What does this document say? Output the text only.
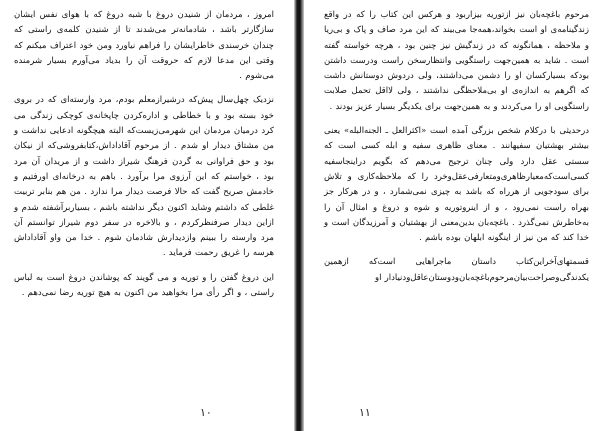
امروز ، مردمان از شنیدن دروغ با شبه دروغ که با هوای نفس ایشان سازگارتر باشد ، شادمانه‌تر می‌شدند تا از شنیدن کلمه‌ی راستی که چندان خرسندی خاطرایشان را فراهم نیاورد ومن خود اعتراف میکنم که وقتی این مدعا لازم که حروقت آن را بدیاد می‌آورم بسیار شرمنده می‌شوم .

نزدیک چهل‌سال پیش‌که درشیرازمعلم بودم، مرد وارسته‌ای که در بروی خود بسته بود و با خطاطی و اداره‌کردن چاپخانه‌ی کوچکی زندگی می کرد درمیان مردمان این شهرمی‌زیست‌که البته هیچگونه ادعایی نداشت و من مشتاق دیدار او شدم . از مرحوم آقاداداش،کتابفروشی‌که از نیکان بود و حق فراوانی به گردن فرهنگ شیراز داشت و از مریدان آن مرد بود ، خواستم که این آرزوی مرا برآورد . باهم به درخانه‌ای اورفتیم و خادمش صریح گفت که حالا فرصت دیدار مرا ندارد . من هم بنابر تربیت غلطی که داشتم وشاید اکنون دیگر نداشته باشم ، بسیاربرآشفته شدم و ازاین دیدار صرفنظرکردم ، و بالاخره در سفر دوم شیراز توانستم آن مرد وارسته را ببینم وازدیدارش شادمان شوم . خدا من واو آقاداداش هرسه را غریق رحمت فرماید .

این دروغ گفتن را و توریه و می گویند که پوشاندن دروغ است به لباس راستی ، و اگر رأی مرا بخواهید من اکنون به هیچ توریه رضا نمی‌دهم .

۱۰

مرحوم باغچه‌بان نیز ازتوریه بیزاربود و هرکس این کتاب را که در واقع زندگینامه‌ی او است بخواند،همه‌جا می‌بیند که این مرد صاف و پاک و بی‌ریا و ملاحظه ، همانگونه که در زندگیش نیز چنین بود ، هرچه خواسته گفته است . شاید به همین‌جهت راستگویی وانتظارسخن راست ودرست داشتن بودکه بسیارکسان او را دشمن می‌داشتند، ولی دردوش دوستانش داشت که اگرهم به اندازه‌ی او بی‌ملاحظگی نداشتند ، ولی لااقل تحمل صلابت راستگویی او را می‌کردند و به همین‌جهت برای یکدیگر بسیار عزیز بودند .

درحدیثی با درکلام شخص بزرگی آمده است «اکثرالعل ـ الجنه‌البله» یعنی بیشتر بهشتیان سفیهانند . معنای ظاهری سفیه و ابله کسی است که سستی عقل دارد ولی چنان ترجیح می‌دهم که بگویم دراینجاسفیه کسی‌است‌که‌معیارظاهری‌ومتعارفی‌عقل‌وخرد را که ملاحظه‌کاری و تلاش برای سودجویی از هرراه که باشد به چیزی نمی‌شمارد ، و در هرکار جز بهراه راست نمی‌رود ، و از اینروتوریه و شوه و دروغ و امثال آن را به‌خاطرش نمی‌گذرد . باغچه‌بان بدین‌معنی از بهشتیان و آمرزیدگان است و خدا کند که من نیز از اینگونه ابلهان بوده باشم .

قسمتهای‌آخراین‌کتاب داستان ماجراهایی است‌که ازهمین یکدندگی‌وصراحت‌بیان‌مرحوم‌باغچه‌بان‌ودوستان‌عاقل‌ودنیادار او

۱۱
